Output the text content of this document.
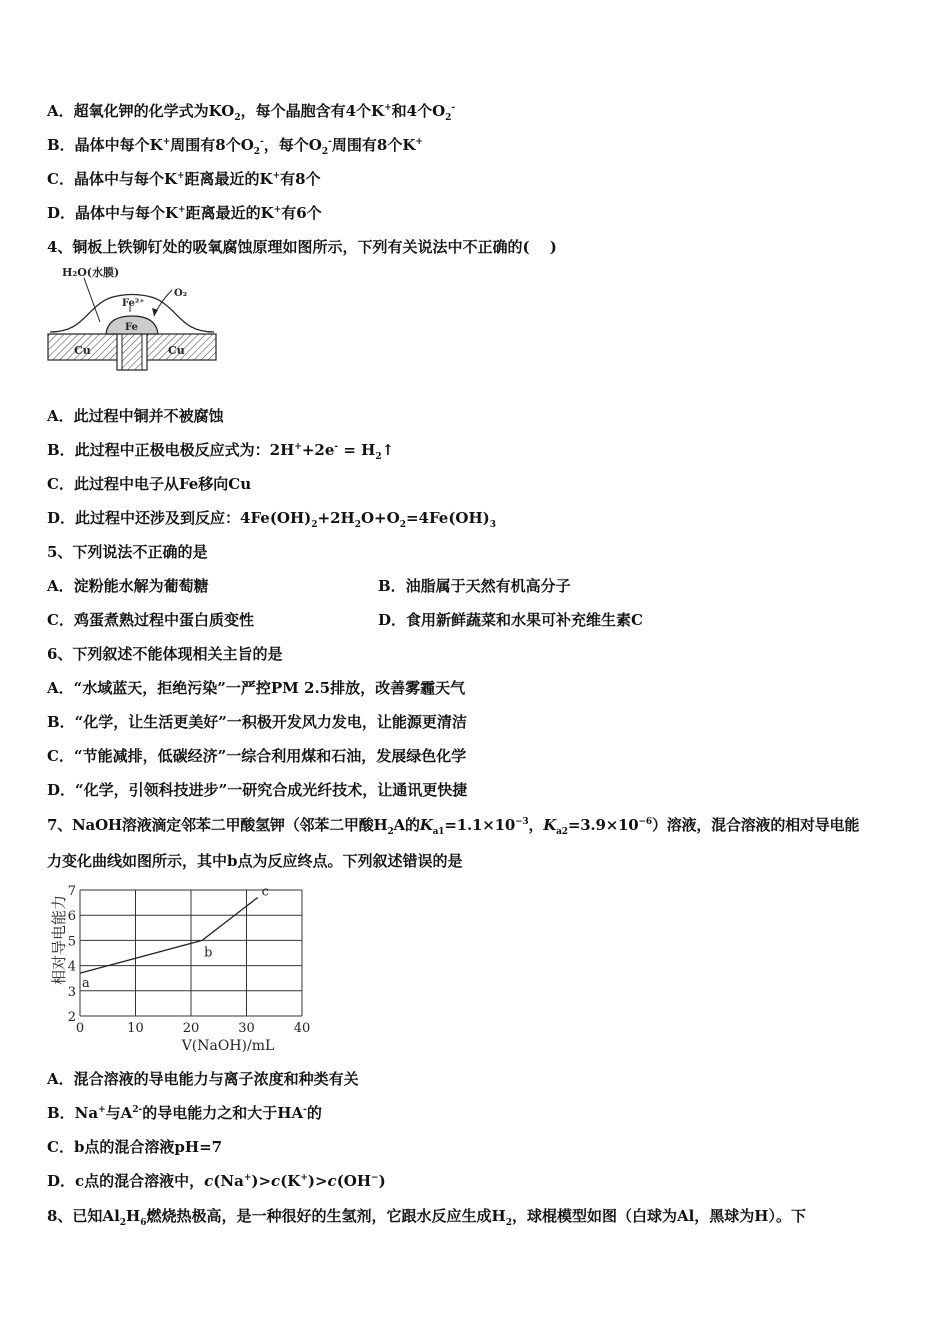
A．超氧化钾的化学式为$KO_2$，每个晶胞含有4个K+和4个$O_2^-$
B．晶体中每个K+周围有8个$O_2^-$，每个$O_2^-$周围有8个K+
C．晶体中与每个K+距离最近的K+有8个
D．晶体中与每个K+距离最近的K+有6个
4、铜板上铁铆钉处的吸氧腐蚀原理如图所示，下列有关说法中不正确的(　 )
H₂O(水膜)
Fe²⁺
O₂
Fe
Cu	Cu
A．此过程中铜并不被腐蚀
B．此过程中正极电极反应式为：$2H^++2e^- = H_2↑$
C．此过程中电子从Fe移向Cu
D．此过程中还涉及到反应：$4Fe(OH)_2+2H_2O+O_2=4Fe(OH)_3$
5、下列说法不正确的是
A．淀粉能水解为葡萄糖	B．油脂属于天然有机高分子
C．鸡蛋煮熟过程中蛋白质变性	D．食用新鲜蔬菜和水果可补充维生素C
6、下列叙述不能体现相关主旨的是
A．“水域蓝天，拒绝污染”一严控PM 2.5排放，改善雾霾天气
B．“化学，让生活更美好”一积极开发风力发电，让能源更清洁
C．“节能减排，低碳经济”一综合利用煤和石油，发展绿色化学
D．“化学，引领科技进步”一研究合成光纤技术，让通讯更快捷
7、NaOH溶液滴定邻苯二甲酸氢钾（邻苯二甲酸$H_2A$的$K_{a1}=1.1\times 10^{-3}$，$K_{a2}=3.9\times 10^{-6}$）溶液，混合溶液的相对导电能
力变化曲线如图所示，其中b点为反应终点。下列叙述错误的是
0	10	20	30	40
2
3
4
5
6
7
a
b
c
V(NaOH)/mL
相对导电能力
A．混合溶液的导电能力与离子浓度和种类有关
B．Na+与$A^{2-}$的导电能力之和大于HA-的
C．b点的混合溶液pH=7
D．c点的混合溶液中，c(Na+)>c(K+)>c(OH−)
8、已知$Al_2H_6$燃烧热极高，是一种很好的生氢剂，它跟水反应生成$H_2$，球棍模型如图（白球为Al，黑球为H）。下
